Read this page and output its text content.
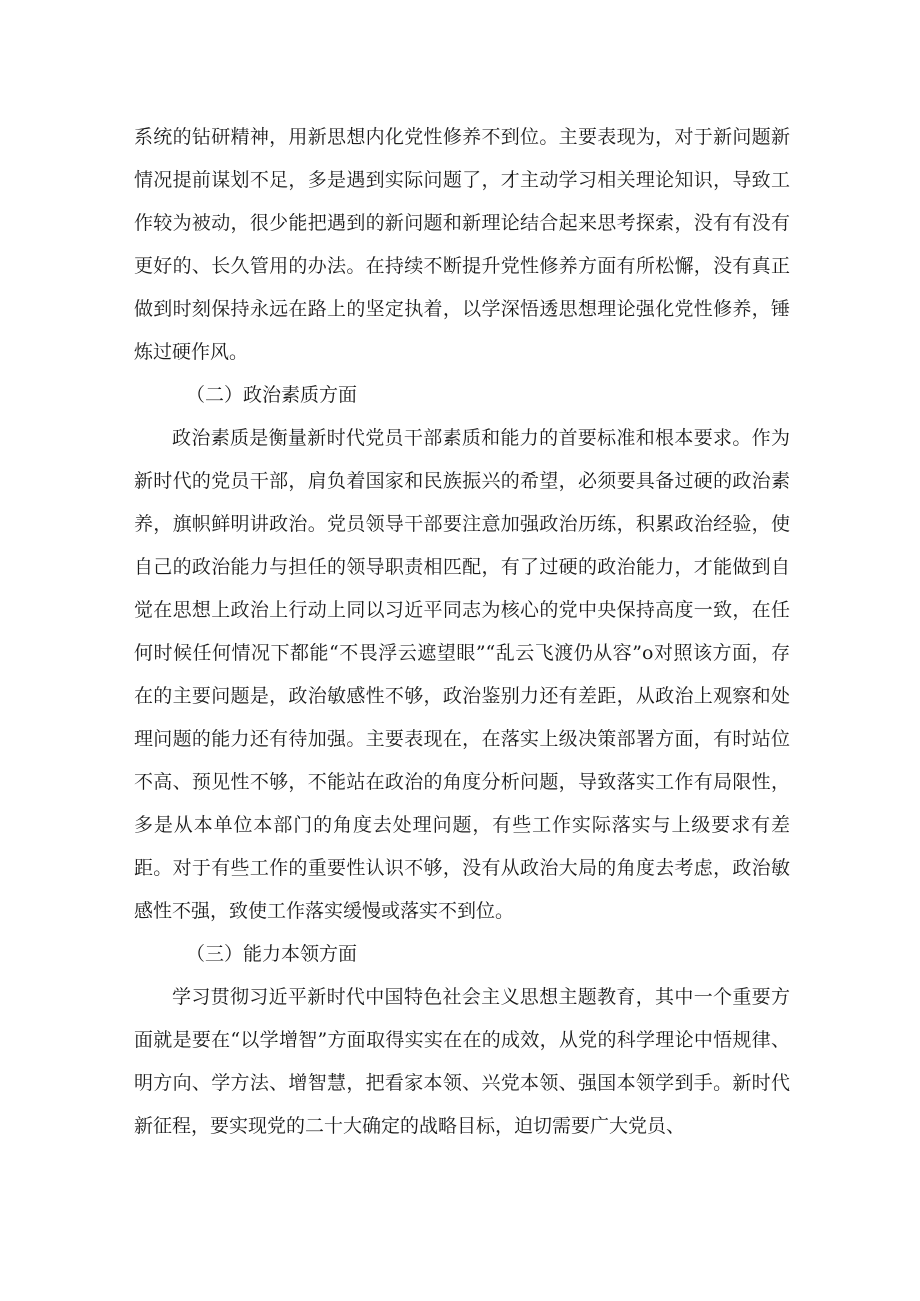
系统的钻研精神，用新思想内化党性修养不到位。主要表现为，对于新问题新情况提前谋划不足，多是遇到实际问题了，才主动学习相关理论知识，导致工作较为被动，很少能把遇到的新问题和新理论结合起来思考探索，没有有没有更好的、长久管用的办法。在持续不断提升党性修养方面有所松懈，没有真正做到时刻保持永远在路上的坚定执着，以学深悟透思想理论强化党性修养，锤炼过硬作风。

（二）政治素质方面

政治素质是衡量新时代党员干部素质和能力的首要标准和根本要求。作为新时代的党员干部，肩负着国家和民族振兴的希望，必须要具备过硬的政治素养，旗帜鲜明讲政治。党员领导干部要注意加强政治历练，积累政治经验，使自己的政治能力与担任的领导职责相匹配，有了过硬的政治能力，才能做到自觉在思想上政治上行动上同以习近平同志为核心的党中央保持高度一致，在任何时候任何情况下都能“不畏浮云遮望眼”“乱云飞渡仍从容”o对照该方面，存在的主要问题是，政治敏感性不够，政治鉴别力还有差距，从政治上观察和处理问题的能力还有待加强。主要表现在，在落实上级决策部署方面，有时站位不高、预见性不够，不能站在政治的角度分析问题，导致落实工作有局限性，多是从本单位本部门的角度去处理问题，有些工作实际落实与上级要求有差距。对于有些工作的重要性认识不够，没有从政治大局的角度去考虑，政治敏感性不强，致使工作落实缓慢或落实不到位。

（三）能力本领方面

学习贯彻习近平新时代中国特色社会主义思想主题教育，其中一个重要方面就是要在“以学增智”方面取得实实在在的成效，从党的科学理论中悟规律、明方向、学方法、增智慧，把看家本领、兴党本领、强国本领学到手。新时代新征程，要实现党的二十大确定的战略目标，迫切需要广大党员、
